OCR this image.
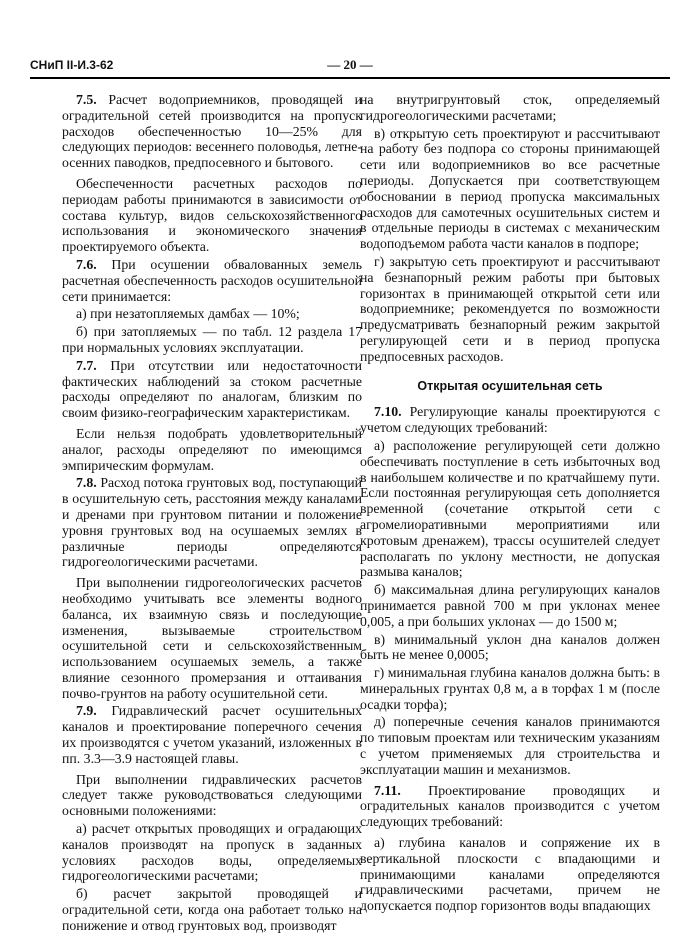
СНиП II-И.3-62	— 20 —

7.5. Расчет водоприемников, проводящей и оградительной сетей производится на пропуск расходов обеспеченностью 10—25% для следующих периодов: весеннего половодья, летне-осенних паводков, предпосевного и бытового.

Обеспеченности расчетных расходов по периодам работы принимаются в зависимости от состава культур, видов сельскохозяйственного использования и экономического значения проектируемого объекта.

7.6. При осушении обвалованных земель расчетная обеспеченность расходов осушительной сети принимается:

а) при незатопляемых дамбах — 10%;

б) при затопляемых — по табл. 12 раздела 17 при нормальных условиях эксплуатации.

7.7. При отсутствии или недостаточности фактических наблюдений за стоком расчетные расходы определяют по аналогам, близким по своим физико-географическим характеристикам.

Если нельзя подобрать удовлетворительный аналог, расходы определяют по имеющимся эмпирическим формулам.

7.8. Расход потока грунтовых вод, поступающий в осушительную сеть, расстояния между каналами и дренами при грунтовом питании и положение уровня грунтовых вод на осушаемых землях в различные периоды определяются гидрогеологическими расчетами.

При выполнении гидрогеологических расчетов необходимо учитывать все элементы водного баланса, их взаимную связь и последующие изменения, вызываемые строительством осушительной сети и сельскохозяйственным использованием осушаемых земель, а также влияние сезонного промерзания и оттаивания почво-грунтов на работу осушительной сети.

7.9. Гидравлический расчет осушительных каналов и проектирование поперечного сечения их производятся с учетом указаний, изложенных в пп. 3.3—3.9 настоящей главы.

При выполнении гидравлических расчетов следует также руководствоваться следующими основными положениями:

а) расчет открытых проводящих и оградающих каналов производят на пропуск в заданных условиях расходов воды, определяемых гидрогеологическими расчетами;

б) расчет закрытой проводящей и оградительной сети, когда она работает только на понижение и отвод грунтовых вод, производят

на внутригрунтовый сток, определяемый гидрогеологическими расчетами;

в) открытую сеть проектируют и рассчитывают на работу без подпора со стороны принимающей сети или водоприемников во все расчетные периоды. Допускается при соответствующем обосновании в период пропуска максимальных расходов для самотечных осушительных систем и в отдельные периоды в системах с механическим водоподъемом работа части каналов в подпоре;

г) закрытую сеть проектируют и рассчитывают на безнапорный режим работы при бытовых горизонтах в принимающей открытой сети или водоприемнике; рекомендуется по возможности предусматривать безнапорный режим закрытой регулирующей сети и в период пропуска предпосевных расходов.

Открытая осушительная сеть

7.10. Регулирующие каналы проектируются с учетом следующих требований:

а) расположение регулирующей сети должно обеспечивать поступление в сеть избыточных вод в наибольшем количестве и по кратчайшему пути. Если постоянная регулирующая сеть дополняется временной (сочетание открытой сети с агромелиоративными мероприятиями или кротовым дренажем), трассы осушителей следует располагать по уклону местности, не допуская размыва каналов;

б) максимальная длина регулирующих каналов принимается равной 700 м при уклонах менее 0,005, а при больших уклонах — до 1500 м;

в) минимальный уклон дна каналов должен быть не менее 0,0005;

г) минимальная глубина каналов должна быть: в минеральных грунтах 0,8 м, а в торфах 1 м (после осадки торфа);

д) поперечные сечения каналов принимаются по типовым проектам или техническим указаниям с учетом применяемых для строительства и эксплуатации машин и механизмов.

7.11. Проектирование проводящих и оградительных каналов производится с учетом следующих требований:

а) глубина каналов и сопряжение их в вертикальной плоскости с впадающими и принимающими каналами определяются гидравлическими расчетами, причем не допускается подпор горизонтов воды впадающих
